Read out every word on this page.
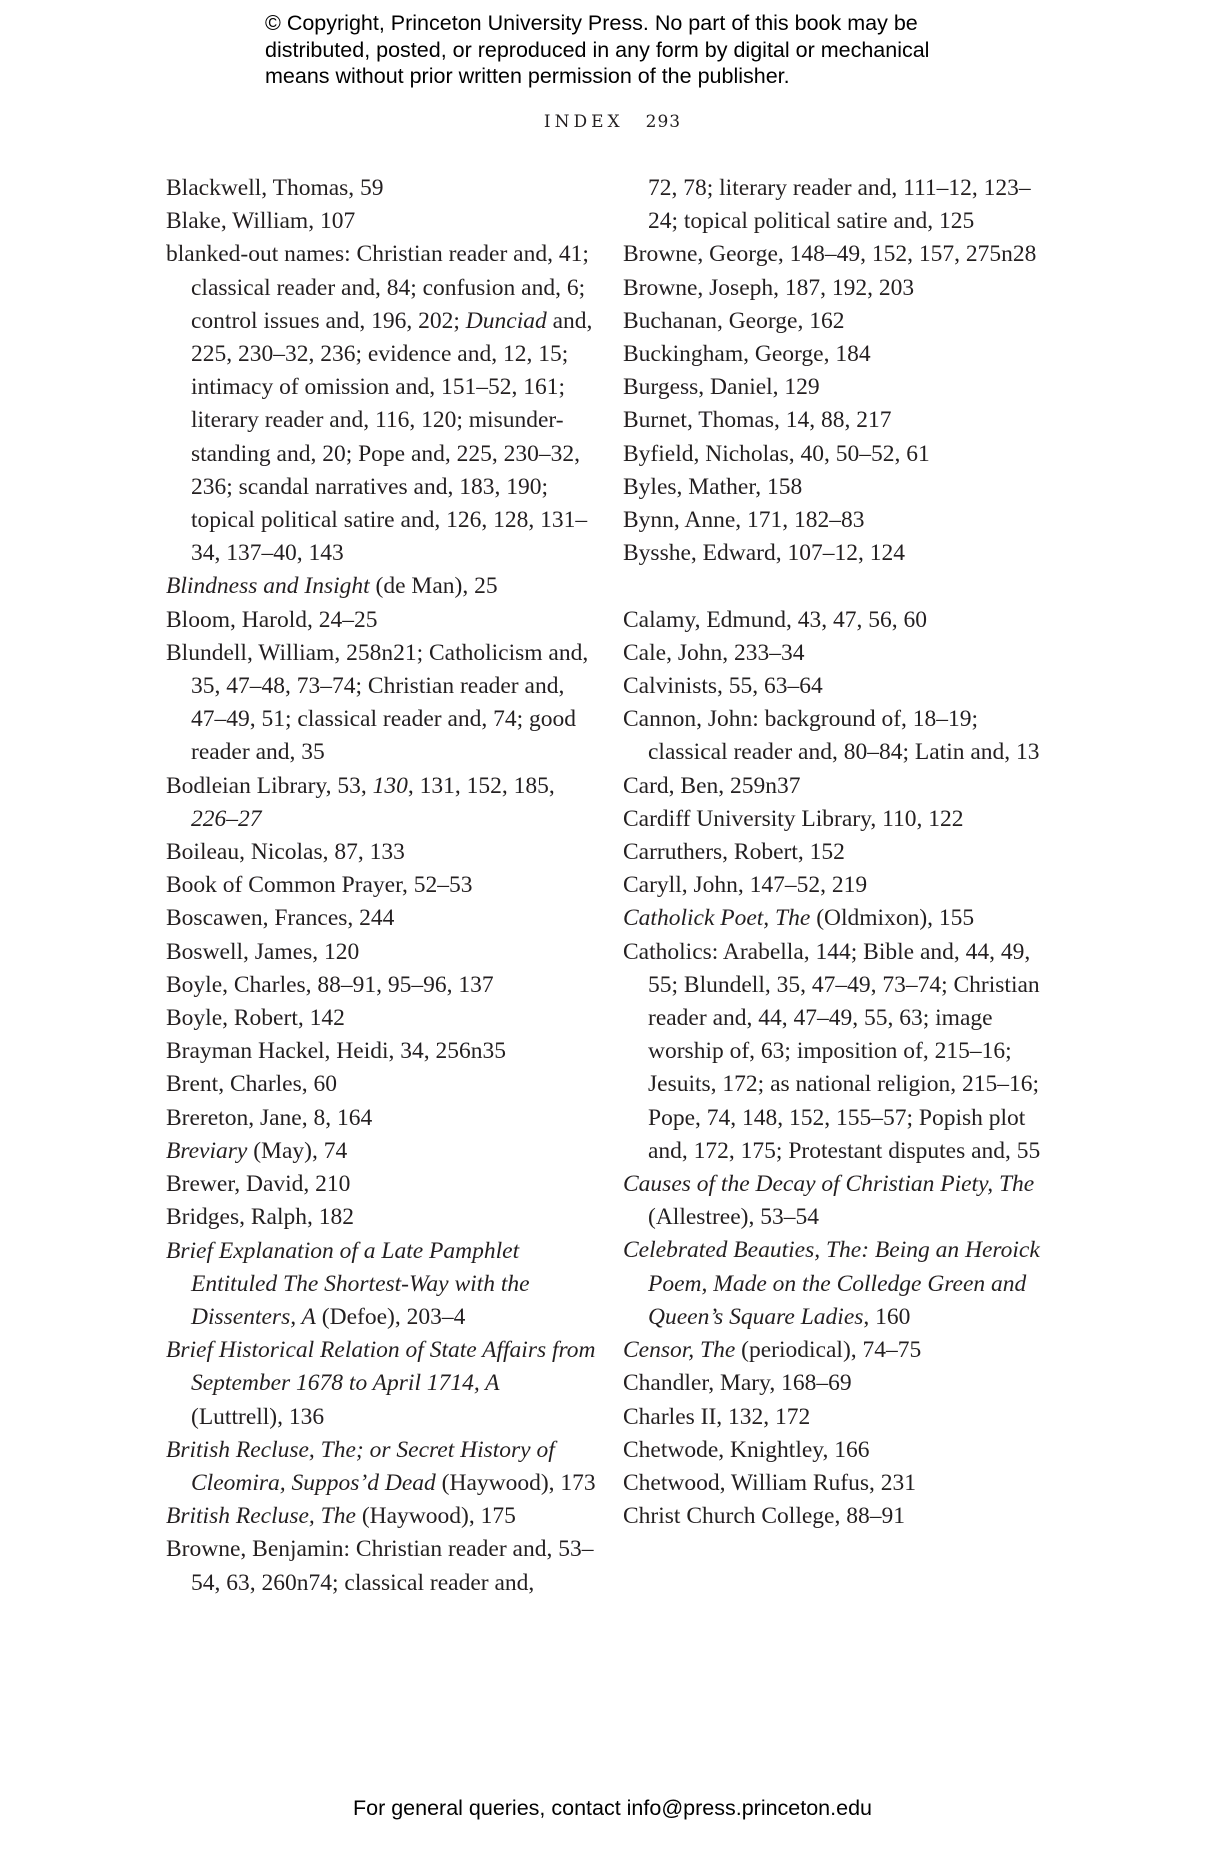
© Copyright, Princeton University Press. No part of this book may be
distributed, posted, or reproduced in any form by digital or mechanical
means without prior written permission of the publisher.
INDEX 293
Blackwell, Thomas, 59
Blake, William, 107
blanked-out names: Christian reader and, 41; classical reader and, 84; confusion and, 6; control issues and, 196, 202; Dunciad and, 225, 230–32, 236; evidence and, 12, 15; intimacy of omission and, 151–52, 161; literary reader and, 116, 120; misunder-standing and, 20; Pope and, 225, 230–32, 236; scandal narratives and, 183, 190; topical political satire and, 126, 128, 131–34, 137–40, 143
Blindness and Insight (de Man), 25
Bloom, Harold, 24–25
Blundell, William, 258n21; Catholicism and, 35, 47–48, 73–74; Christian reader and, 47–49, 51; classical reader and, 74; good reader and, 35
Bodleian Library, 53, 130, 131, 152, 185, 226–27
Boileau, Nicolas, 87, 133
Book of Common Prayer, 52–53
Boscawen, Frances, 244
Boswell, James, 120
Boyle, Charles, 88–91, 95–96, 137
Boyle, Robert, 142
Brayman Hackel, Heidi, 34, 256n35
Brent, Charles, 60
Brereton, Jane, 8, 164
Breviary (May), 74
Brewer, David, 210
Bridges, Ralph, 182
Brief Explanation of a Late Pamphlet Entituled The Shortest-Way with the Dissenters, A (Defoe), 203–4
Brief Historical Relation of State Affairs from September 1678 to April 1714, A (Luttrell), 136
British Recluse, The; or Secret History of Cleomira, Suppos’d Dead (Haywood), 173
British Recluse, The (Haywood), 175
Browne, Benjamin: Christian reader and, 53–54, 63, 260n74; classical reader and,
72, 78; literary reader and, 111–12, 123–24; topical political satire and, 125
Browne, George, 148–49, 152, 157, 275n28
Browne, Joseph, 187, 192, 203
Buchanan, George, 162
Buckingham, George, 184
Burgess, Daniel, 129
Burnet, Thomas, 14, 88, 217
Byfield, Nicholas, 40, 50–52, 61
Byles, Mather, 158
Bynn, Anne, 171, 182–83
Bysshe, Edward, 107–12, 124
Calamy, Edmund, 43, 47, 56, 60
Cale, John, 233–34
Calvinists, 55, 63–64
Cannon, John: background of, 18–19; classical reader and, 80–84; Latin and, 13
Card, Ben, 259n37
Cardiff University Library, 110, 122
Carruthers, Robert, 152
Caryll, John, 147–52, 219
Catholick Poet, The (Oldmixon), 155
Catholics: Arabella, 144; Bible and, 44, 49, 55; Blundell, 35, 47–49, 73–74; Christian reader and, 44, 47–49, 55, 63; image worship of, 63; imposition of, 215–16; Jesuits, 172; as national religion, 215–16; Pope, 74, 148, 152, 155–57; Popish plot and, 172, 175; Protestant disputes and, 55
Causes of the Decay of Christian Piety, The (Allestree), 53–54
Celebrated Beauties, The: Being an Heroick Poem, Made on the Colledge Green and Queen’s Square Ladies, 160
Censor, The (periodical), 74–75
Chandler, Mary, 168–69
Charles II, 132, 172
Chetwode, Knightley, 166
Chetwood, William Rufus, 231
Christ Church College, 88–91
For general queries, contact info@press.princeton.edu
